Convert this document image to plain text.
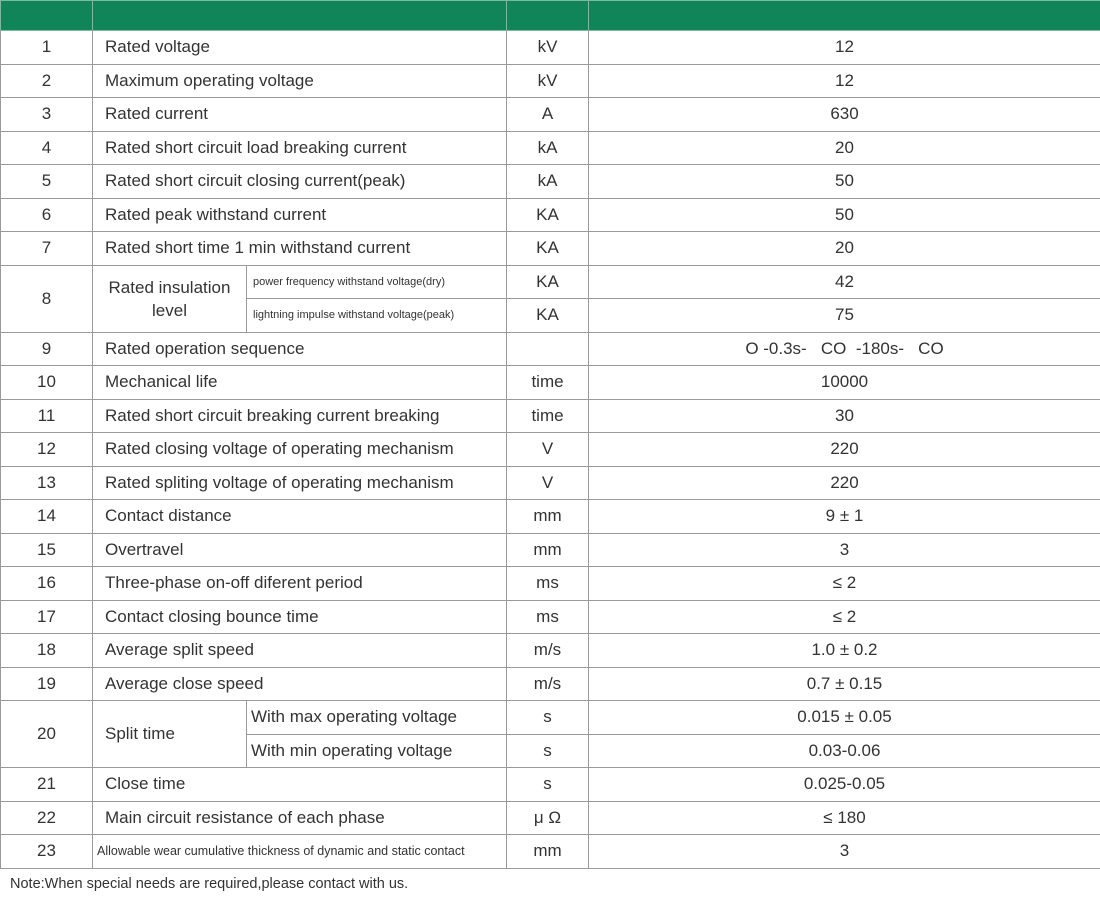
1	Rated voltage		kV	12
2	Maximum operating voltage		kV	12
3	Rated current		A	630
4	Rated short circuit load breaking current		kA	20
5	Rated short circuit closing current(peak)		kA	50
6	Rated peak withstand current		KA	50
7	Rated short time 1 min withstand current		KA	20
8	Rated insulation level	power frequency withstand voltage(dry)	KA	42
		lightning impulse withstand voltage(peak)	KA	75
9	Rated operation sequence			O -0.3s-   CO  -180s-   CO
10	Mechanical life		time	10000
11	Rated short circuit breaking current breaking		time	30
12	Rated closing voltage of operating mechanism		V	220
13	Rated spliting voltage of operating mechanism		V	220
14	Contact distance		mm	9 ± 1
15	Overtravel		mm	3
16	Three-phase on-off diferent period		ms	≤ 2
17	Contact closing bounce time		ms	≤ 2
18	Average split speed		m/s	1.0 ± 0.2
19	Average close speed		m/s	0.7 ± 0.15
20	Split time	With max operating voltage	s	0.015 ± 0.05
		With min operating voltage	s	0.03-0.06
21	Close time		s	0.025-0.05
22	Main circuit resistance of each phase		μ Ω	≤ 180
23	Allowable wear cumulative thickness of dynamic and static contact		mm	3
Note:When special needs are required,please contact with us.
